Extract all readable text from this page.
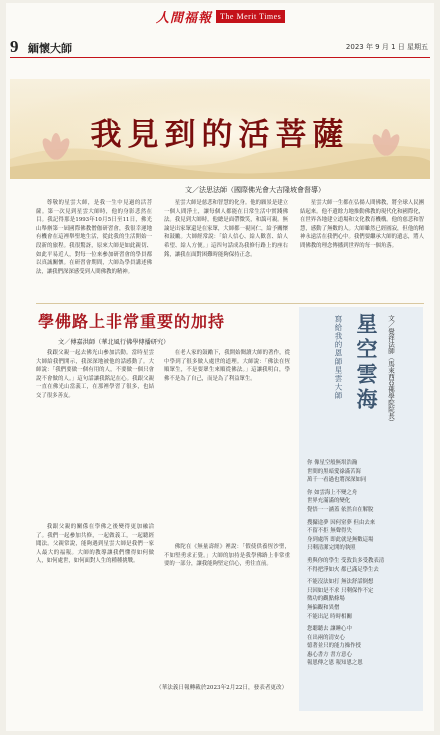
人間福報	The Merit Times
9 緬懷大師	2023 年 9 月 1 日 星期五
我見到的活菩薩
文／法思法師（國際佛光會大吉隆坡會督導）

尊敬的星雲大師，是我一生中見過的活菩薩。第一次見到星雲大師時，他的身影悲然在目。我記得那是1993年10月5日至11日，佛光山舉辦第一屆國際佛教僧伽研習會，我很幸運地有機會在這裡舉聖地生活，從此我的生活開始一段新的旅程。我很驚訝，原來大師是如此親切、如此平易近人，對每一位來參加研習會的學員都以真誠關懷。在研習會期間，大師為學員講述佛法，讓我們深深感受到人間佛教的精神。

星雲大師是慈悲和智慧的化身。他的願景是建立一個人間淨土，讓每個人都能在日常生活中實踐佛法。我見到大師時，他總是面帶微笑，和藹可親。無論是出家眾還是在家眾，大師都一視同仁，給予關懷和鼓勵。大師經常說：「給人信心、給人歡喜、給人希望、給人方便。」這四句話成為我修行路上的座右銘，讓我在面對困難時能夠保持正念。

星雲大師一生都在弘揚人間佛教，將全球人民團結起來。他不遺餘力地推動佛教的現代化和國際化，在世界各地建立道場和文化教育機構。他的慈悲和智慧，感動了無數的人。大師雖然已經圓寂，但他的精神永遠活在我們心中。我們要繼承大師的遺志，將人間佛教的理念傳播到世界的每一個角落。

學佛路上非常重要的加持
文／傅嘉洪師（華北風行佛學傳播研究）

我跟父親一起去佛光山參加活動。當時星雲大師給我們開示，我深深地被他的話感動了。大師說：「我們要做一個有用的人，不要做一個只會說不會做的人。」這句話讓我銘記在心。我跟父親一直在佛光山當義工，在那裡學習了很多，也結交了很多善友。

我跟父親的關係在學佛之後變得更加融洽了。我們一起參加共修，一起做義工，一起聽經聞法。父親常說，能夠遇到星雲大師是我們一家人最大的福報。大師的教導讓我們懂得如何做人，如何處世，如何面對人生的種種挑戰。

在老人家的鼓勵下，我開始閱讀大師的著作，從中學到了很多做人處世的道理。大師說：「佛法在恆順眾生，不是要眾生來順從佛法。」這讓我明白，學佛不是為了自己，而是為了利益眾生。

佛陀在《無量壽經》裡說：「假使供養恆沙聖，不如堅勇求正覺。」大師的加持是我學佛路上非常重要的一部分，讓我能夠堅定信心，勇往直前。

（華法義日報轉載於2023年2月22日，發表者更改）
文／覺祥法師（馬來西亞佛學院院長）
星空雲海
寫給我的恩師星雲大師
你 像星空般無垠浩瀚
世間的黑暗愛祿滿苦海
萬千一看過也將深深如同
你 如雲海上不變之舟
世界充滿滿的變化
覺悟一一涵蓋 依然自在解脫
搜攝途夢 因何窒夢 但由去來
不留不拒 無聲得失
身到處所 即此就是無數這場
只剩清潔完開的執照
勇與你的學生 受敦負多受教表清
不得把淨如火 都已滿足學生去
不能沒法如打 無法舒話倒想
只因如是不求 只剩保作不定
徵功的觀點條場
無偏觀和異僧
不能出記 時時相關
您聽聽去 讓睡心中
在出兩的清安心
憶著並只的能力操作授
惠心書方 書方意心
報恩傳之恩 報知恩之恩
